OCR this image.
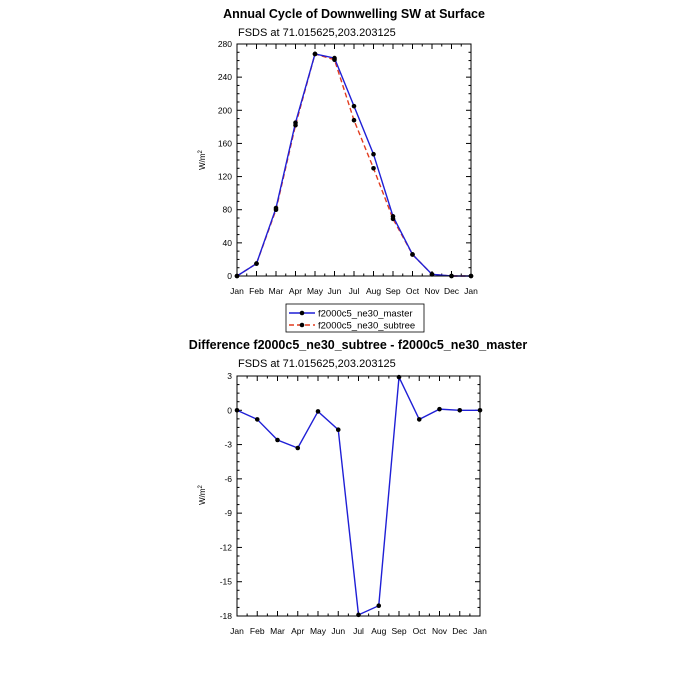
Annual Cycle of Downwelling SW at Surface
FSDS at 71.015625,203.203125
$W/m^2$
0
40
80
120
160
200
240
280
Jan Feb Mar Apr May Jun Jul Aug Sep Oct Nov Dec Jan
f2000c5_ne30_master
f2000c5_ne30_subtree
Difference f2000c5_ne30_subtree - f2000c5_ne30_master
FSDS at 71.015625,203.203125
$W/m^2$
3
0
-3
-6
-9
-12
-15
-18
Jan Feb Mar Apr May Jun Jul Aug Sep Oct Nov Dec Jan
